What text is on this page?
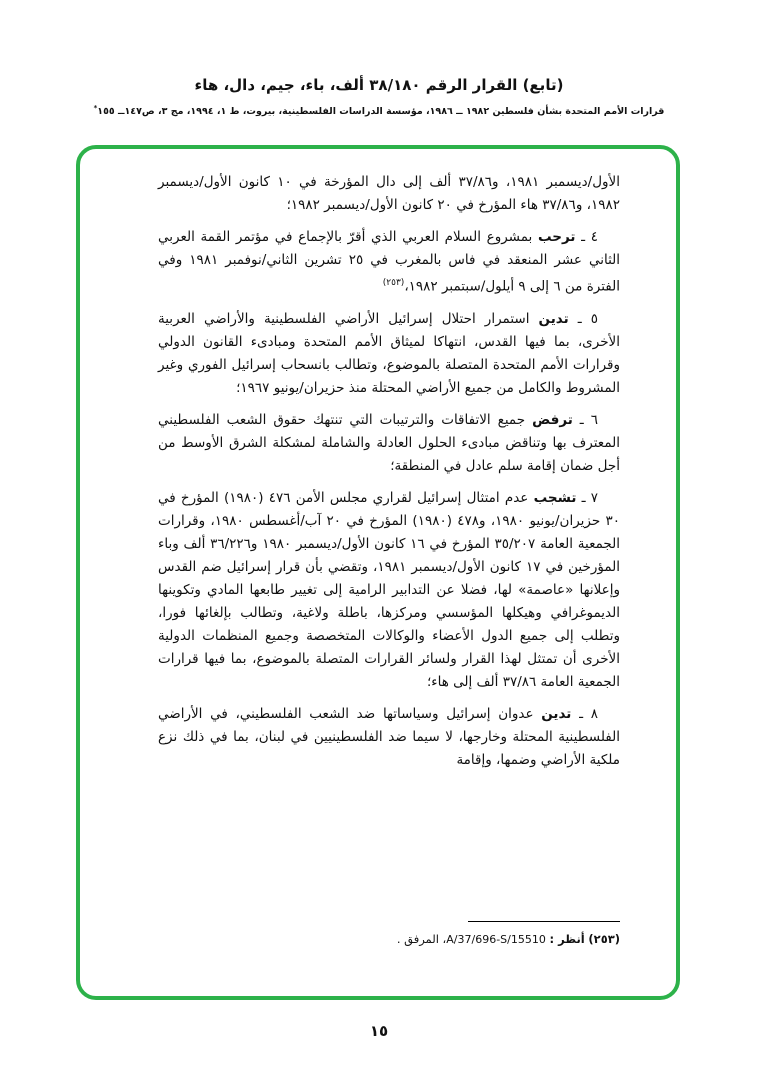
(تابع) القرار الرقم ٣٨/١٨٠ ألف، باء، جيم، دال، هاء
قرارات الأمم المتحدة بشأن فلسطين ١٩٨٢ ــ ١٩٨٦، مؤسسة الدراسات الفلسطينية، بيروت، ط ١، ١٩٩٤، مج ٣، ص١٤٧ــ ١٥٥*

الأول/ديسمبر ١٩٨١، و٣٧/٨٦ ألف إلى دال المؤرخة في ١٠ كانون الأول/ديسمبر ١٩٨٢، و٣٧/٨٦ هاء المؤرخ في ٢٠ كانون الأول/ديسمبر ١٩٨٢؛

٤ ـ ترحب بمشروع السلام العربي الذي أقرّ بالإجماع في مؤتمر القمة العربي الثاني عشر المنعقد في فاس بالمغرب في ٢٥ تشرين الثاني/نوفمبر ١٩٨١ وفي الفترة من ٦ إلى ٩ أيلول/سبتمبر ١٩٨٢،$^{(٢٥٣)}$

٥ ـ تدين استمرار احتلال إسرائيل الأراضي الفلسطينية والأراضي العربية الأخرى، بما فيها القدس، انتهاكا لميثاق الأمم المتحدة ومبادىء القانون الدولي وقرارات الأمم المتحدة المتصلة بالموضوع، وتطالب بانسحاب إسرائيل الفوري وغير المشروط والكامل من جميع الأراضي المحتلة منذ حزيران/يونيو ١٩٦٧؛

٦ ـ ترفض جميع الاتفاقات والترتيبات التي تنتهك حقوق الشعب الفلسطيني المعترف بها وتناقض مبادىء الحلول العادلة والشاملة لمشكلة الشرق الأوسط من أجل ضمان إقامة سلم عادل في المنطقة؛

٧ ـ تشجب عدم امتثال إسرائيل لقراري مجلس الأمن ٤٧٦ (١٩٨٠) المؤرخ في ٣٠ حزيران/يونيو ١٩٨٠، و٤٧٨ (١٩٨٠) المؤرخ في ٢٠ آب/أغسطس ١٩٨٠، وقرارات الجمعية العامة ٣٥/٢٠٧ المؤرخ في ١٦ كانون الأول/ديسمبر ١٩٨٠ و٣٦/٢٢٦ ألف وباء المؤرخين في ١٧ كانون الأول/ديسمبر ١٩٨١، وتقضي بأن قرار إسرائيل ضم القدس وإعلانها «عاصمة» لها، فضلا عن التدابير الرامية إلى تغيير طابعها المادي وتكوينها الديموغرافي وهيكلها المؤسسي ومركزها، باطلة ولاغية، وتطالب بإلغائها فورا، وتطلب إلى جميع الدول الأعضاء والوكالات المتخصصة وجميع المنظمات الدولية الأخرى أن تمتثل لهذا القرار ولسائر القرارات المتصلة بالموضوع، بما فيها قرارات الجمعية العامة ٣٧/٨٦ ألف إلى هاء؛

٨ ـ تدين عدوان إسرائيل وسياساتها ضد الشعب الفلسطيني، في الأراضي الفلسطينية المحتلة وخارجها، لا سيما ضد الفلسطينيين في لبنان، بما في ذلك نزع ملكية الأراضي وضمها، وإقامة

(٢٥٣) أنظر : A/37/696-S/15510، المرفق .
١٥
